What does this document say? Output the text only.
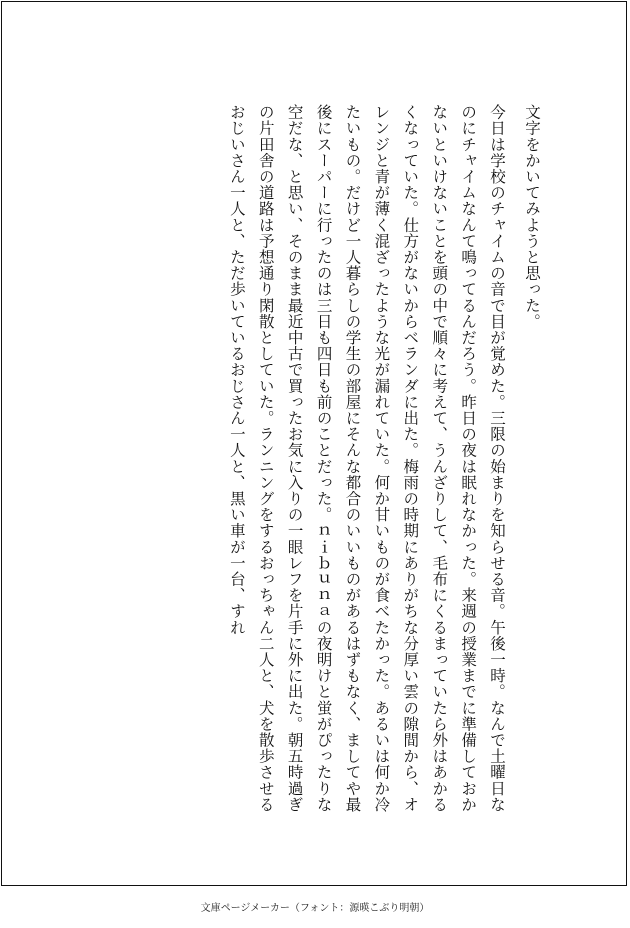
文字をかいてみようと思った。
今日は学校のチャイムの音で目が覚めた。三限の始まりを知らせる音。午後一時。なんで土曜日なのにチャイムなんて鳴ってるんだろう。昨日の夜は眠れなかった。来週の授業までに準備しておかないといけないことを頭の中で順々に考えて、うんざりして、毛布にくるまっていたら外はあかるくなっていた。仕方がないからベランダに出た。梅雨の時期にありがちな分厚い雲の隙間から、オレンジと青が薄く混ざったような光が漏れていた。何か甘いものが食べたかった。あるいは何か冷たいもの。だけど一人暮らしの学生の部屋にそんな都合のいいものがあるはずもなく、ましてや最後にスーパーに行ったのは三日も四日も前のことだった。ｎｉｂｕｎａの夜明けと蛍がぴったりな空だな、と思い、そのまま最近中古で買ったお気に入りの一眼レフを片手に外に出た。朝五時過ぎの片田舎の道路は予想通り閑散としていた。ランニングをするおっちゃん二人と、犬を散歩させるおじいさん一人と、ただ歩いているおじさん一人と、黒い車が一台、すれ
文庫ページメーカー（フォント：源暎こぶり明朝）
